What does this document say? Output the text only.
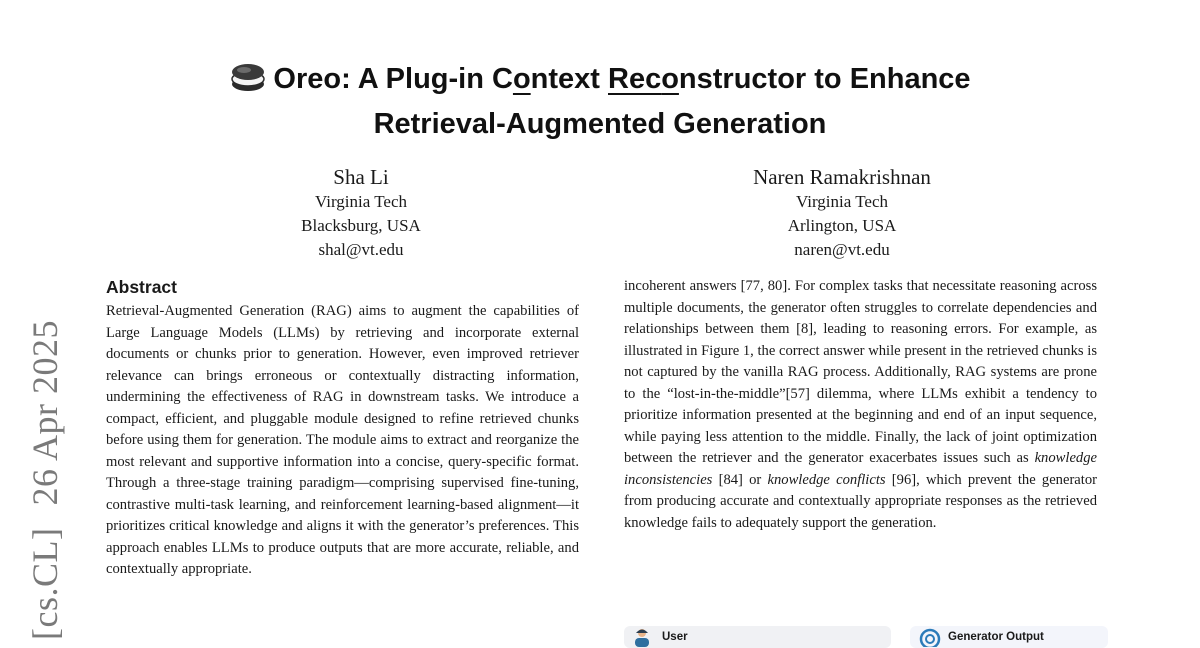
[cs.CL]26 Apr 2025
Oreo: A Plug-in Context Reconstructor to Enhance
Retrieval-Augmented Generation
Sha Li
Virginia Tech
Blacksburg, USA
shal@vt.edu
Naren Ramakrishnan
Virginia Tech
Arlington, USA
naren@vt.edu
Abstract

Retrieval-Augmented Generation (RAG) aims to augment the capabilities of Large Language Models (LLMs) by retrieving and incorporate external documents or chunks prior to generation. However, even improved retriever relevance can brings erroneous or contextually distracting information, undermining the effectiveness of RAG in downstream tasks. We introduce a compact, efficient, and pluggable module designed to refine retrieved chunks before using them for generation. The module aims to extract and reorganize the most relevant and supportive information into a concise, query-specific format. Through a three-stage training paradigm—comprising supervised fine-tuning, contrastive multi-task learning, and reinforcement learning-based alignment—it prioritizes critical knowledge and aligns it with the generator’s preferences. This approach enables LLMs to produce outputs that are more accurate, reliable, and contextually appropriate.

incoherent answers [77, 80]. For complex tasks that necessitate reasoning across multiple documents, the generator often struggles to correlate dependencies and relationships between them [8], leading to reasoning errors. For example, as illustrated in Figure 1, the correct answer while present in the retrieved chunks is not captured by the vanilla RAG process. Additionally, RAG systems are prone to the “lost-in-the-middle”[57] dilemma, where LLMs exhibit a tendency to prioritize information presented at the beginning and end of an input sequence, while paying less attention to the middle. Finally, the lack of joint optimization between the retriever and the generator exacerbates issues such as knowledge inconsistencies [84] or knowledge conflicts [96], which prevent the generator from producing accurate and contextually appropriate responses as the retrieved knowledge fails to adequately support the generation.

User	Generator Output
